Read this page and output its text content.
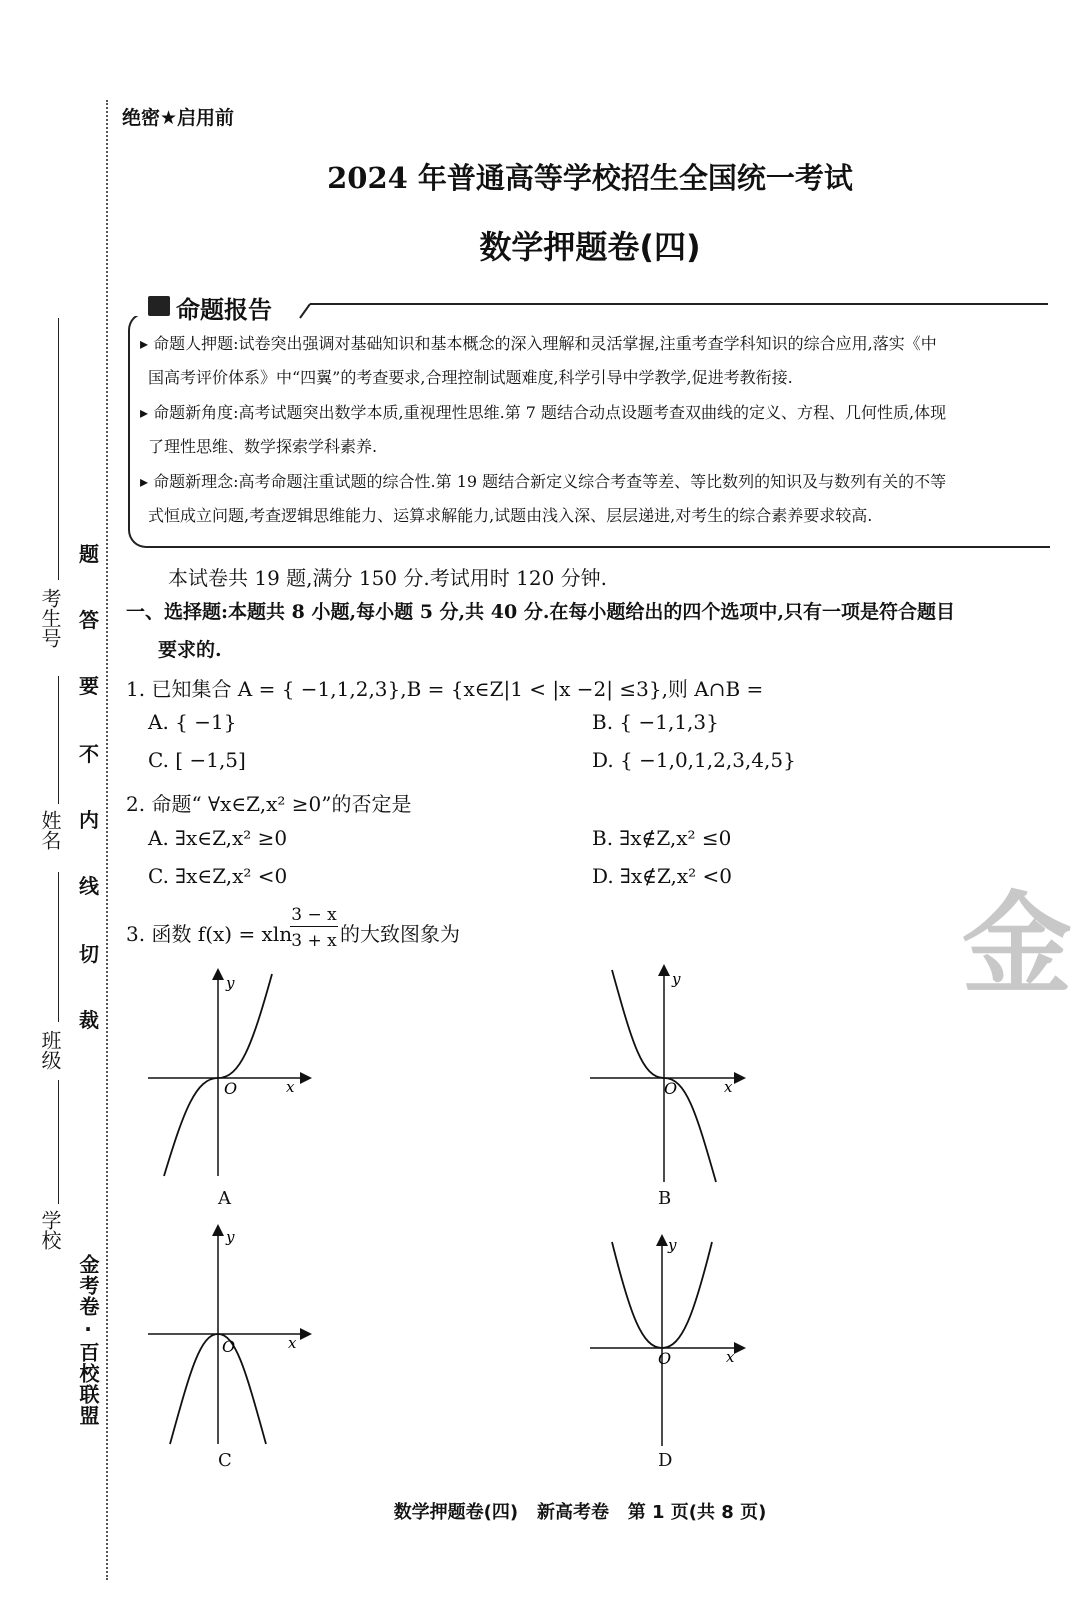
考生号
姓名
班级
学校
题
答
要
不
内
线
切
裁
金考卷·百校联盟
绝密★启用前
2024 年普通高等学校招生全国统一考试
数学押题卷(四)
命题报告
▸ 命题人押题:试卷突出强调对基础知识和基本概念的深入理解和灵活掌握,注重考查学科知识的综合应用,落实《中
国高考评价体系》中“四翼”的考查要求,合理控制试题难度,科学引导中学教学,促进考教衔接.
▸ 命题新角度:高考试题突出数学本质,重视理性思维.第 7 题结合动点设题考查双曲线的定义、方程、几何性质,体现
了理性思维、数学探索学科素养.
▸ 命题新理念:高考命题注重试题的综合性.第 19 题结合新定义综合考查等差、等比数列的知识及与数列有关的不等
式恒成立问题,考查逻辑思维能力、运算求解能力,试题由浅入深、层层递进,对考生的综合素养要求较高.
本试卷共 19 题,满分 150 分.考试用时 120 分钟.
一、选择题:本题共 8 小题,每小题 5 分,共 40 分.在每小题给出的四个选项中,只有一项是符合题目
要求的.
1. 已知集合 A = { −1,1,2,3},B = {x∈Z|1 < |x −2| ≤3},则 A∩B =
A. { −1}	B. { −1,1,3}
C. [ −1,5]	D. { −1,0,1,2,3,4,5}
2. 命题“ ∀x∈Z,x² ≥0”的否定是
A. ∃x∈Z,x² ≥0	B. ∃x∉Z,x² ≤0
C. ∃x∈Z,x² <0	D. ∃x∉Z,x² <0
3. 函数 f(x) = xln
3 − x
3 + x 的大致图象为
O	x
y
A
O	x
y
B
O	x
y
C
O	x
y
D
金
数学押题卷(四)   新高考卷   第 1 页(共 8 页)
